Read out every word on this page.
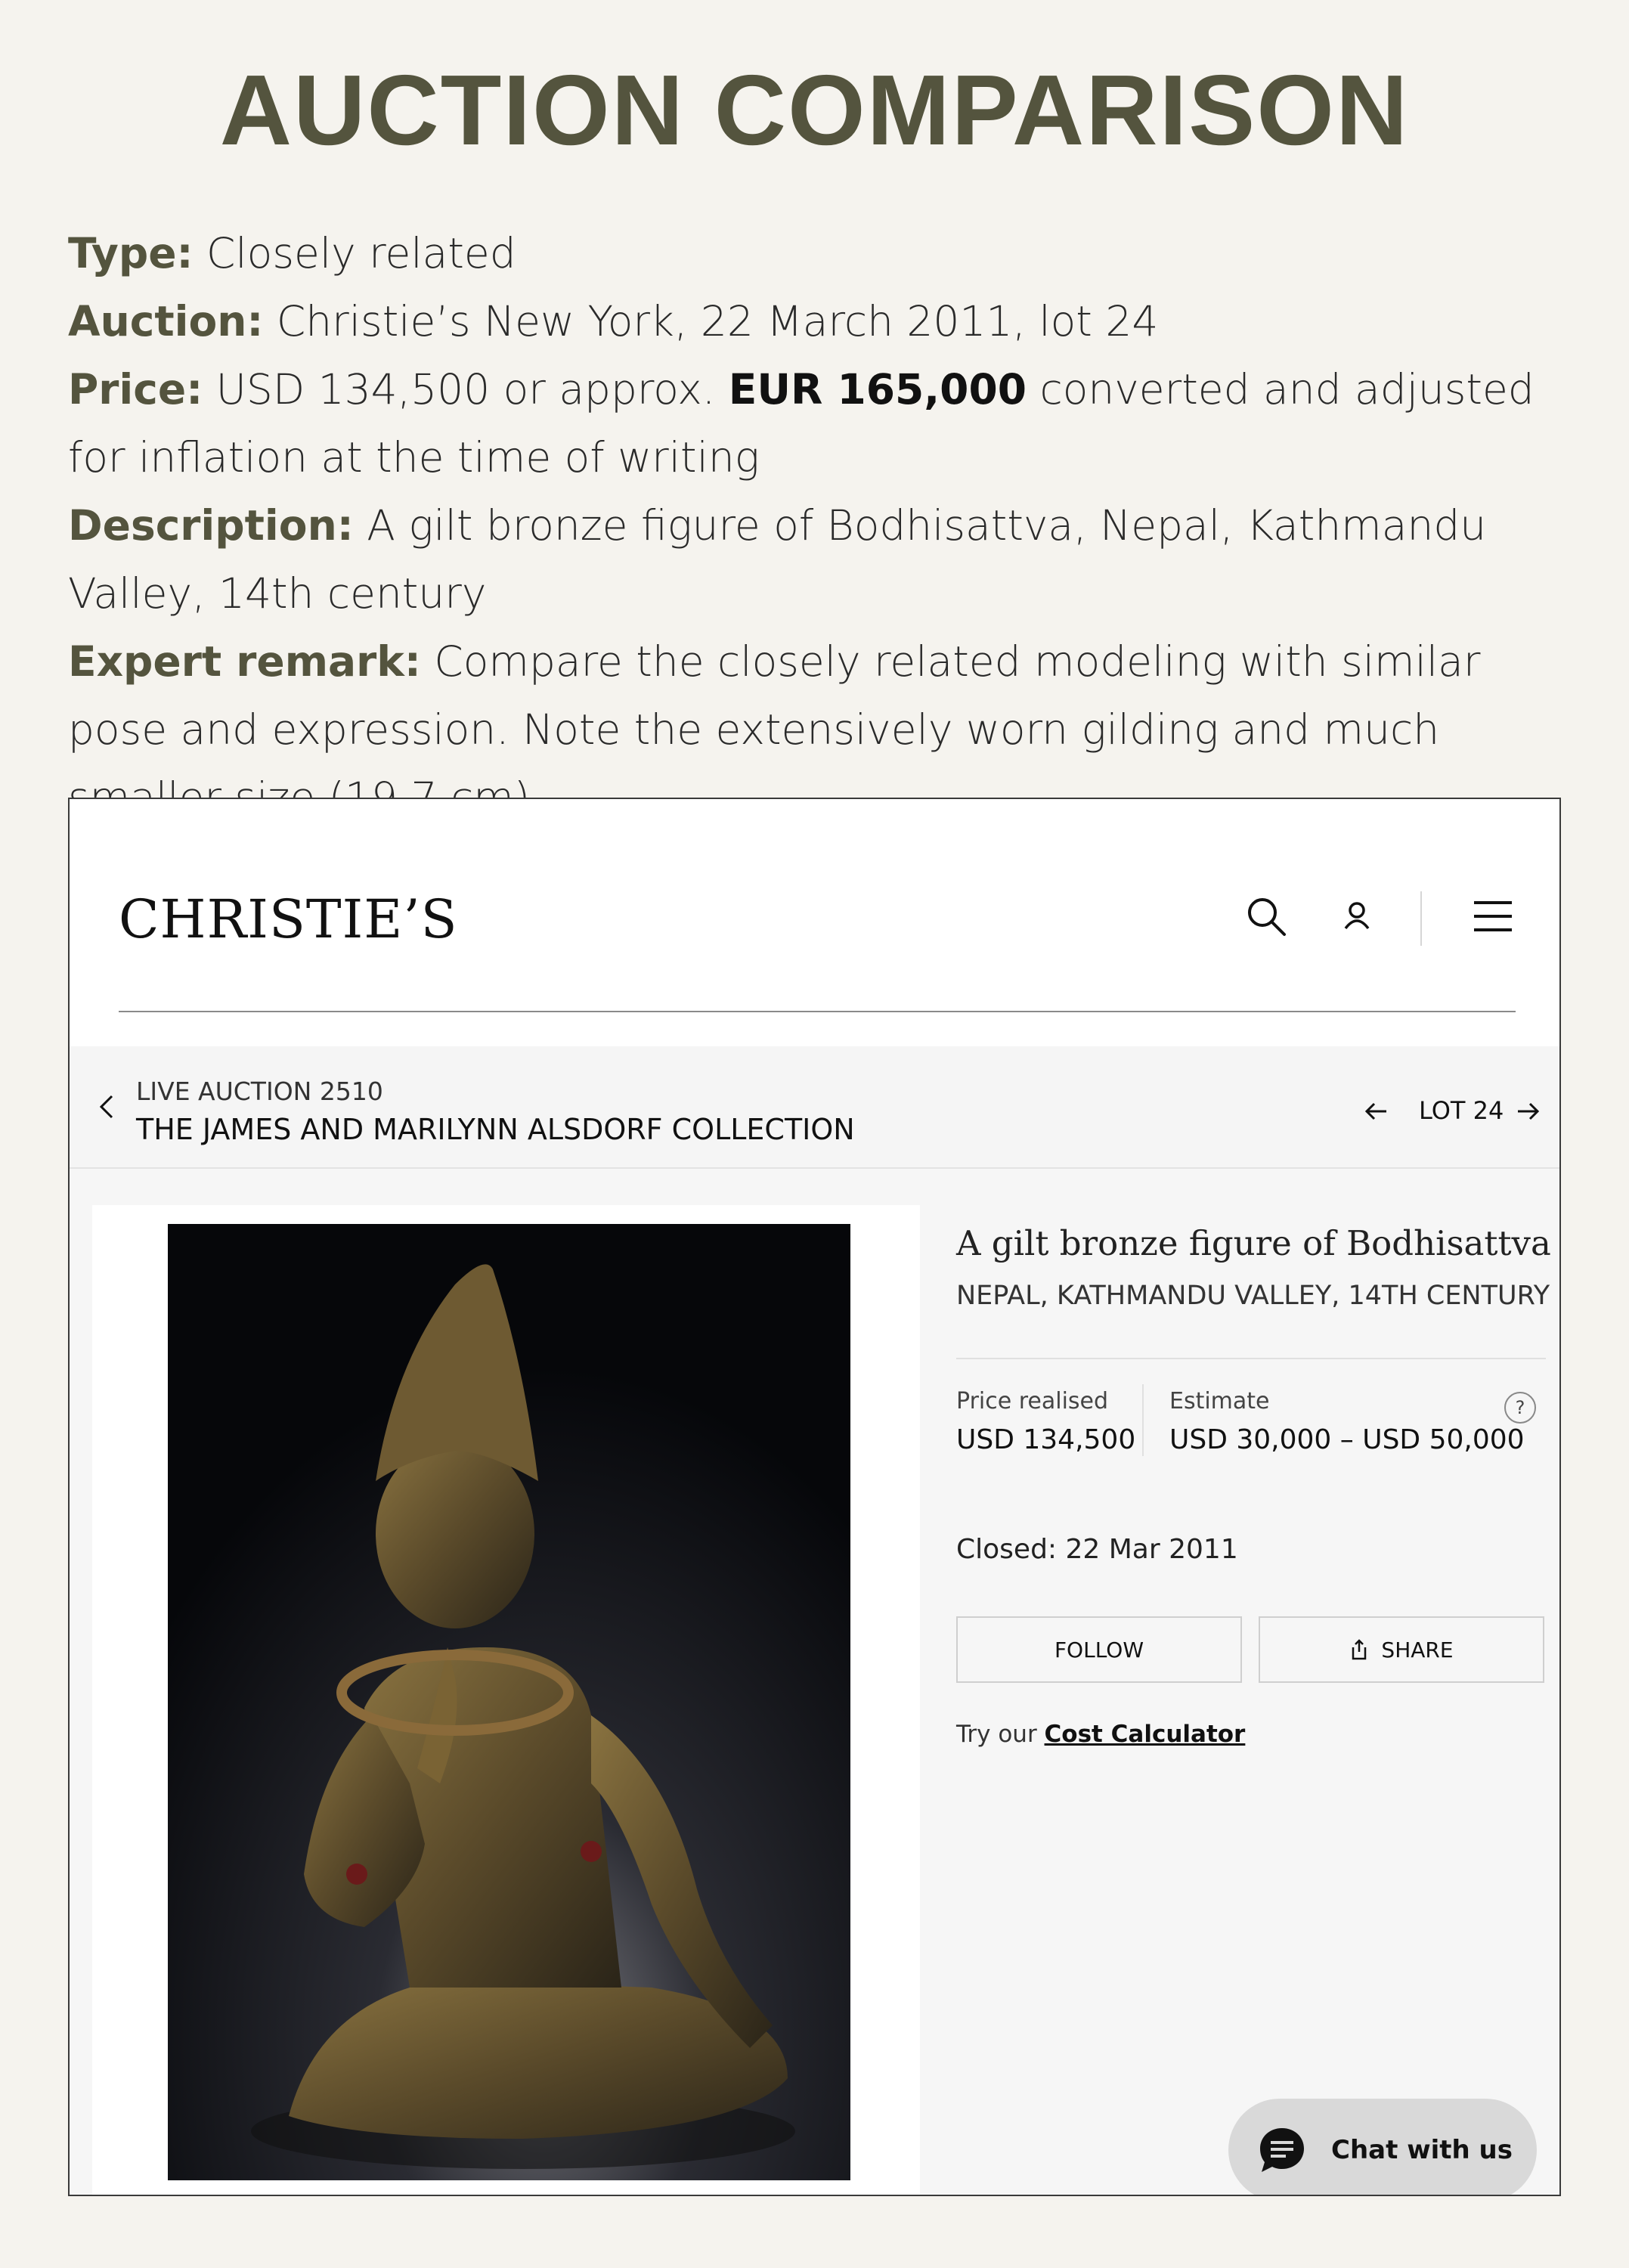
AUCTION COMPARISON

Type: Closely related

Auction: Christie’s New York, 22 March 2011, lot 24

Price: USD 134,500 or approx. EUR 165,000 converted and adjusted for inflation at the time of writing

Description: A gilt bronze figure of Bodhisattva, Nepal, Kathmandu Valley, 14th century

Expert remark: Compare the closely related modeling with similar pose and expression. Note the extensively worn gilding and much

CHRISTIE’S
LIVE AUCTION 2510
THE JAMES AND MARILYNN ALSDORF COLLECTION
LOT 24
A gilt bronze figure of Bodhisattva
NEPAL, KATHMANDU VALLEY, 14TH CENTURY
Price realised
USD 134,500
Estimate
USD 30,000 – USD 50,000
?
Closed: 22 Mar 2011
FOLLOW	SHARE
Try our Cost Calculator
Chat with us
